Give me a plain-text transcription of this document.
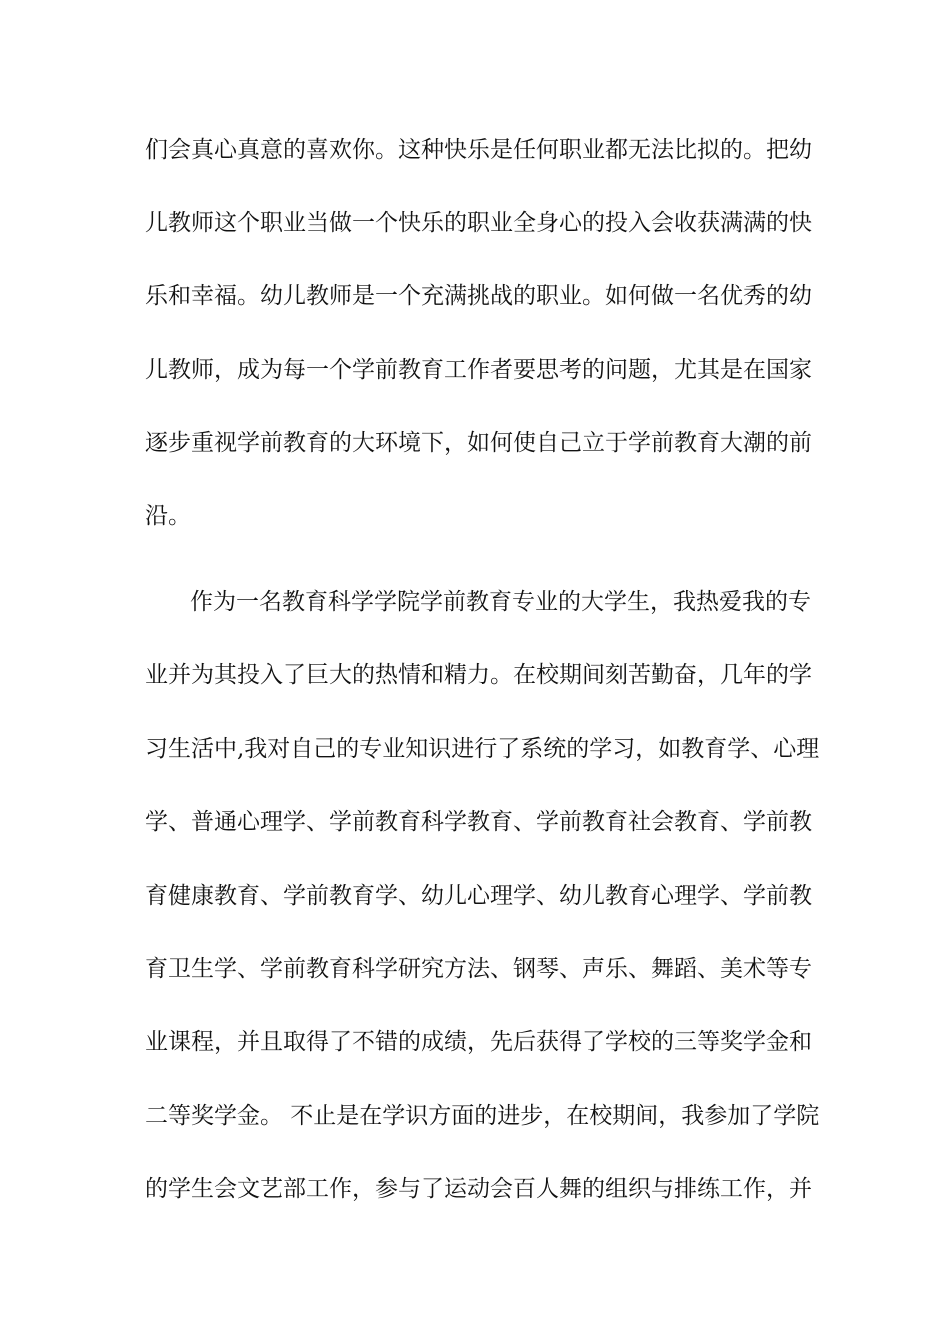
们会真心真意的喜欢你。这种快乐是任何职业都无法比拟的。把幼
儿教师这个职业当做一个快乐的职业全身心的投入会收获满满的快
乐和幸福。幼儿教师是一个充满挑战的职业。如何做一名优秀的幼
儿教师，成为每一个学前教育工作者要思考的问题，尤其是在国家
逐步重视学前教育的大环境下，如何使自己立于学前教育大潮的前
沿。
作为一名教育科学学院学前教育专业的大学生，我热爱我的专
业并为其投入了巨大的热情和精力。在校期间刻苦勤奋，几年的学
习生活中,我对自己的专业知识进行了系统的学习，如教育学、心理
学、普通心理学、学前教育科学教育、学前教育社会教育、学前教
育健康教育、学前教育学、幼儿心理学、幼儿教育心理学、学前教
育卫生学、学前教育科学研究方法、钢琴、声乐、舞蹈、美术等专
业课程，并且取得了不错的成绩，先后获得了学校的三等奖学金和
二等奖学金。 不止是在学识方面的进步，在校期间，我参加了学院
的学生会文艺部工作，参与了运动会百人舞的组织与排练工作，并
